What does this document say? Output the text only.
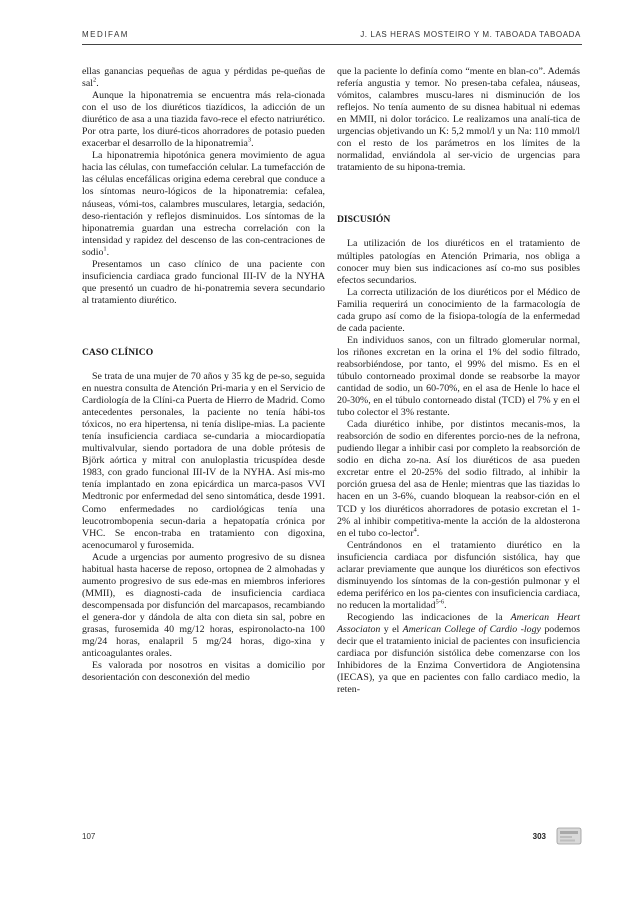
MEDIFAM	J. LAS HERAS MOSTEIRO Y M. TABOADA TABOADA

ellas ganancias pequeñas de agua y pérdidas pe-queñas de sal$^2$.

Aunque la hiponatremia se encuentra más rela-cionada con el uso de los diuréticos tiazídicos, la adicción de un diurético de asa a una tiazida favo-rece el efecto natriurético. Por otra parte, los diuré-ticos ahorradores de potasio pueden exacerbar el desarrollo de la hiponatremia$^3$.

La hiponatremia hipotónica genera movimiento de agua hacia las células, con tumefacción celular. La tumefacción de las células encefálicas origina edema cerebral que conduce a los síntomas neuro-lógicos de la hiponatremia: cefalea, náuseas, vómi-tos, calambres musculares, letargia, sedación, deso-rientación y reflejos disminuidos. Los síntomas de la hiponatremia guardan una estrecha correlación con la intensidad y rapidez del descenso de las con-centraciones de sodio$^1$.

Presentamos un caso clínico de una paciente con insuficiencia cardiaca grado funcional III-IV de la NYHA que presentó un cuadro de hi-ponatremia severa secundario al tratamiento diurético.

CASO CLÍNICO

Se trata de una mujer de 70 años y 35 kg de pe-so, seguida en nuestra consulta de Atención Pri-maria y en el Servicio de Cardiología de la Clíni-ca Puerta de Hierro de Madrid. Como antecedentes personales, la paciente no tenía hábi-tos tóxicos, no era hipertensa, ni tenía dislipe-mias. La paciente tenía insuficiencia cardiaca se-cundaria a miocardiopatía multivalvular, siendo portadora de una doble prótesis de Björk aórtica y mitral con anuloplastia tricuspídea desde 1983, con grado funcional III-IV de la NYHA. Así mis-mo tenía implantado en zona epicárdica un marca-pasos VVI Medtronic por enfermedad del seno sintomática, desde 1991. Como enfermedades no cardiológicas tenía una leucotrombopenia secun-daria a hepatopatía crónica por VHC. Se encon-traba en tratamiento con digoxina, acenocumarol y furosemida.

Acude a urgencias por aumento progresivo de su disnea habitual hasta hacerse de reposo, ortopnea de 2 almohadas y aumento progresivo de sus ede-mas en miembros inferiores (MMII), es diagnosti-cada de insuficiencia cardiaca descompensada por disfunción del marcapasos, recambiando el genera-dor y dándola de alta con dieta sin sal, pobre en grasas, furosemida 40 mg/12 horas, espironolacto-na 100 mg/24 horas, enalapril 5 mg/24 horas, digo-xina y anticoagulantes orales.

Es valorada por nosotros en visitas a domicilio por desorientación con desconexión del medio

que la paciente lo definía como “mente en blan-co”. Además refería angustia y temor. No presen-taba cefalea, náuseas, vómitos, calambres muscu-lares ni disminución de los reflejos. No tenía aumento de su disnea habitual ni edemas en MMII, ni dolor torácico. Le realizamos una analí-tica de urgencias objetivando un K: 5,2 mmol/l y un Na: 110 mmol/l con el resto de los parámetros en los límites de la normalidad, enviándola al ser-vicio de urgencias para tratamiento de su hipona-tremia.

DISCUSIÓN

La utilización de los diuréticos en el tratamiento de múltiples patologías en Atención Primaria, nos obliga a conocer muy bien sus indicaciones así co-mo sus posibles efectos secundarios.

La correcta utilización de los diuréticos por el Médico de Familia requerirá un conocimiento de la farmacología de cada grupo así como de la fisiopa-tología de la enfermedad de cada paciente.

En individuos sanos, con un filtrado glomerular normal, los riñones excretan en la orina el 1% del sodio filtrado, reabsorbiéndose, por tanto, el 99% del mismo. Es en el túbulo contorneado proximal donde se reabsorbe la mayor cantidad de sodio, un 60-70%, en el asa de Henle lo hace el 20-30%, en el túbulo contorneado distal (TCD) el 7% y en el tubo colector el 3% restante.

Cada diurético inhibe, por distintos mecanis-mos, la reabsorción de sodio en diferentes porcio-nes de la nefrona, pudiendo llegar a inhibir casi por completo la reabsorción de sodio en dicha zo-na. Así los diuréticos de asa pueden excretar entre el 20-25% del sodio filtrado, al inhibir la porción gruesa del asa de Henle; mientras que las tiazidas lo hacen en un 3-6%, cuando bloquean la reabsor-ción en el TCD y los diuréticos ahorradores de potasio excretan el 1-2% al inhibir competitiva-mente la acción de la aldosterona en el tubo co-lector$^4$.

Centrándonos en el tratamiento diurético en la insuficiencia cardiaca por disfunción sistólica, hay que aclarar previamente que aunque los diuréticos son efectivos disminuyendo los síntomas de la con-gestión pulmonar y el edema periférico en los pa-cientes con insuficiencia cardiaca, no reducen la mortalidad$^{5-6}$.

Recogiendo las indicaciones de la American Heart Associaton y el American College of Cardio -logy podemos decir que el tratamiento inicial de pacientes con insuficiencia cardiaca por disfunción sistólica debe comenzarse con los Inhibidores de la Enzima Convertidora de Angiotensina (IECAS), ya que en pacientes con fallo cardiaco medio, la reten-

107	303
